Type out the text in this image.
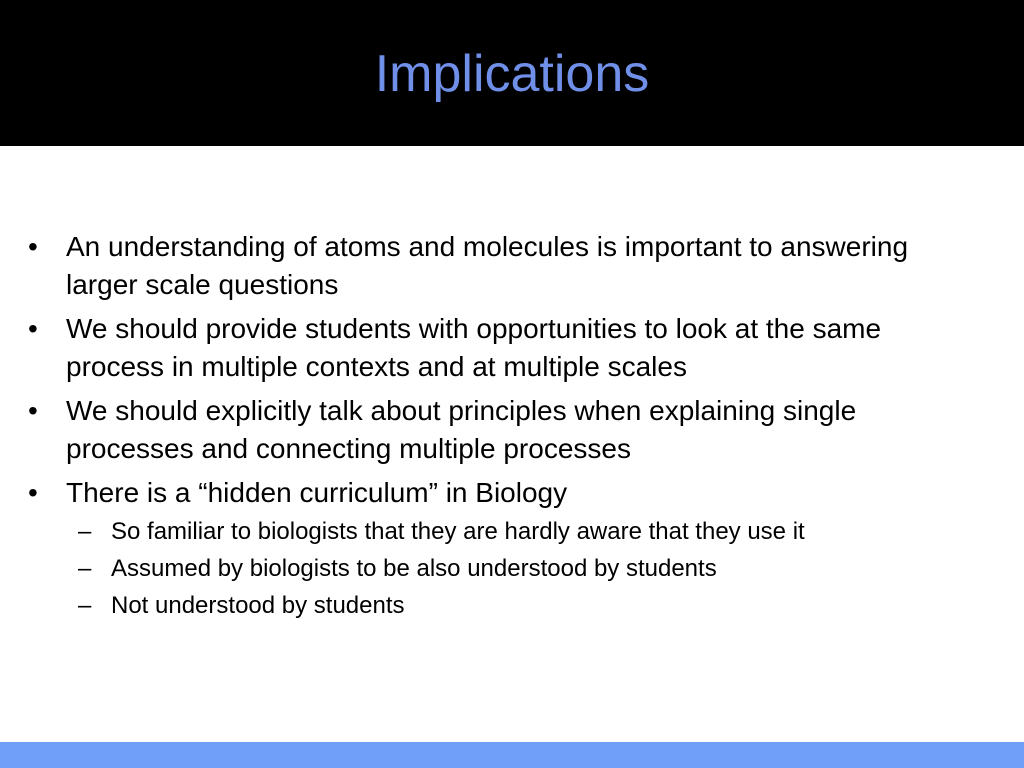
Implications
• An understanding of atoms and molecules is important to answering larger scale questions
• We should provide students with opportunities to look at the same process in multiple contexts and at multiple scales
• We should explicitly talk about principles when explaining single processes and connecting multiple processes
• There is a “hidden curriculum” in Biology
– So familiar to biologists that they are hardly aware that they use it
– Assumed by biologists to be also understood by students
– Not understood by students
